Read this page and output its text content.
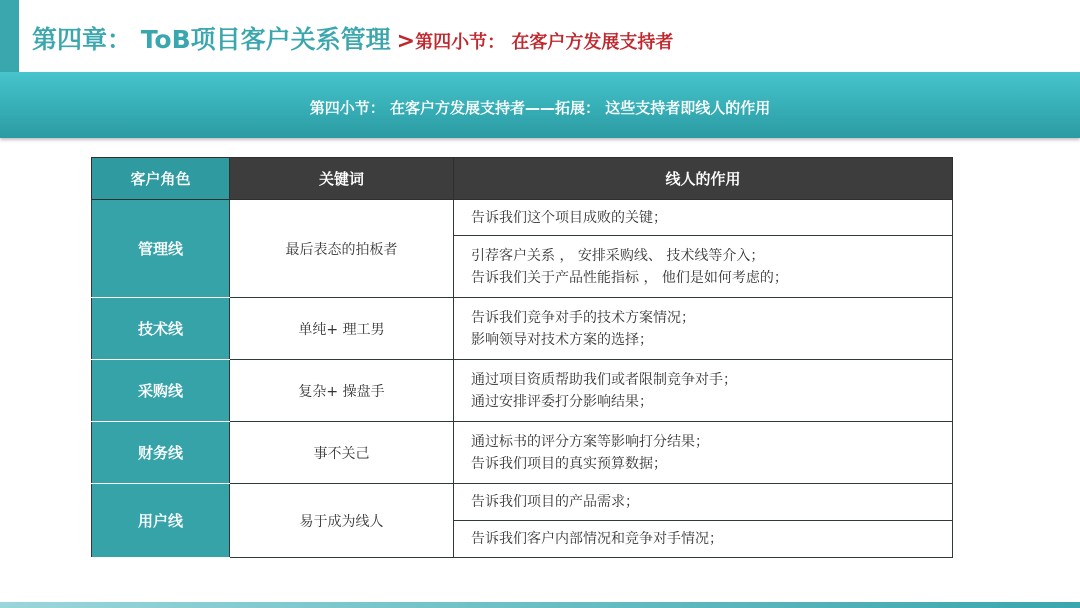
第四章： ToB项目客户关系管理 > 第四小节： 在客户方发展支持者
第四小节： 在客户方发展支持者——拓展： 这些支持者即线人的作用
客户角色	关键词	线人的作用
管理线	最后表态的拍板者	告诉我们这个项目成败的关键；

		引荐客户关系 ， 安排采购线、 技术线等介入；
告诉我们关于产品性能指标 ， 他们是如何考虑的；

技术线	单纯+ 理工男	告诉我们竞争对手的技术方案情况；
影响领导对技术方案的选择；

采购线	复杂+ 操盘手	通过项目资质帮助我们或者限制竞争对手；
通过安排评委打分影响结果；

财务线	事不关己	通过标书的评分方案等影响打分结果；
告诉我们项目的真实预算数据；

用户线	易于成为线人	告诉我们项目的产品需求；

		告诉我们客户内部情况和竞争对手情况；
